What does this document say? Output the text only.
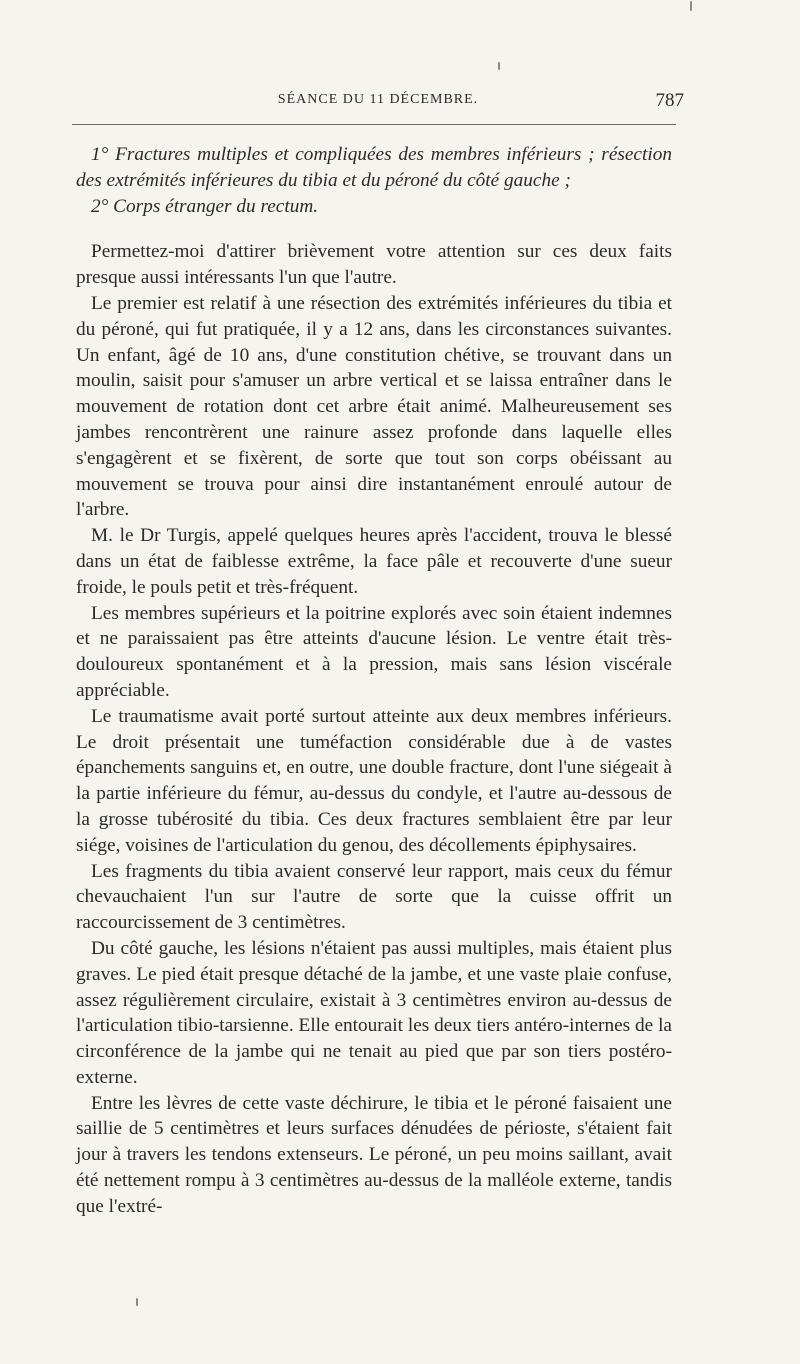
SÉANCE DU 11 DÉCEMBRE.	787

1° Fractures multiples et compliquées des membres inférieurs ; résection des extrémités inférieures du tibia et du péroné du côté gauche ;

2° Corps étranger du rectum.

Permettez-moi d'attirer brièvement votre attention sur ces deux faits presque aussi intéressants l'un que l'autre.

Le premier est relatif à une résection des extrémités inférieures du tibia et du péroné, qui fut pratiquée, il y a 12 ans, dans les circonstances suivantes. Un enfant, âgé de 10 ans, d'une constitution chétive, se trouvant dans un moulin, saisit pour s'amuser un arbre vertical et se laissa entraîner dans le mouvement de rotation dont cet arbre était animé. Malheureusement ses jambes rencontrèrent une rainure assez profonde dans laquelle elles s'engagèrent et se fixèrent, de sorte que tout son corps obéissant au mouvement se trouva pour ainsi dire instantanément enroulé autour de l'arbre.

M. le Dr Turgis, appelé quelques heures après l'accident, trouva le blessé dans un état de faiblesse extrême, la face pâle et recouverte d'une sueur froide, le pouls petit et très-fréquent.

Les membres supérieurs et la poitrine explorés avec soin étaient indemnes et ne paraissaient pas être atteints d'aucune lésion. Le ventre était très-douloureux spontanément et à la pression, mais sans lésion viscérale appréciable.

Le traumatisme avait porté surtout atteinte aux deux membres inférieurs. Le droit présentait une tuméfaction considérable due à de vastes épanchements sanguins et, en outre, une double fracture, dont l'une siégeait à la partie inférieure du fémur, au-dessus du condyle, et l'autre au-dessous de la grosse tubérosité du tibia. Ces deux fractures semblaient être par leur siége, voisines de l'articulation du genou, des décollements épiphysaires.

Les fragments du tibia avaient conservé leur rapport, mais ceux du fémur chevauchaient l'un sur l'autre de sorte que la cuisse offrit un raccourcissement de 3 centimètres.

Du côté gauche, les lésions n'étaient pas aussi multiples, mais étaient plus graves. Le pied était presque détaché de la jambe, et une vaste plaie confuse, assez régulièrement circulaire, existait à 3 centimètres environ au-dessus de l'articulation tibio-tarsienne. Elle entourait les deux tiers antéro-internes de la circonférence de la jambe qui ne tenait au pied que par son tiers postéro-externe.

Entre les lèvres de cette vaste déchirure, le tibia et le péroné faisaient une saillie de 5 centimètres et leurs surfaces dénudées de périoste, s'étaient fait jour à travers les tendons extenseurs. Le péroné, un peu moins saillant, avait été nettement rompu à 3 centimètres au-dessus de la malléole externe, tandis que l'extré-
